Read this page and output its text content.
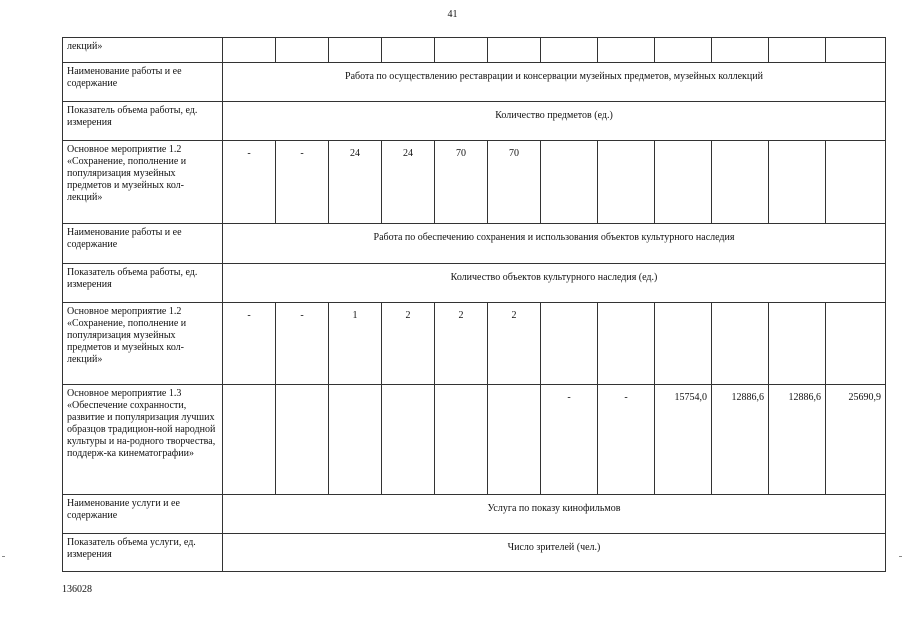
41
лекций»												
Наименование работы и ее содержание	Работа по осуществлению реставрации и консервации музейных предметов, музейных коллекций											
Показатель объема работы, ед. измерения	Количество предметов (ед.)											
Основное мероприятие 1.2 «Сохранение, пополнение и популяризация музейных предметов и музейных кол-лекций»	-	-	24	24	70	70						
Наименование работы и ее содержание	Работа по обеспечению сохранения и использования объектов культурного наследия											
Показатель объема работы, ед. измерения	Количество объектов культурного наследия (ед.)											
Основное мероприятие 1.2 «Сохранение, пополнение и популяризация музейных предметов и музейных кол-лекций»	-	-	1	2	2	2						
Основное мероприятие 1.3 «Обеспечение сохранности, развитие и популяризация лучших образцов традицион-ной народной культуры и на-родного творчества, поддерж-ка кинематографии»							-	-	15754,0	12886,6	12886,6	25690,9
Наименование услуги и ее содержание	Услуга по показу кинофильмов											
Показатель объема услуги, ед. измерения	Число зрителей (чел.)											
136028
